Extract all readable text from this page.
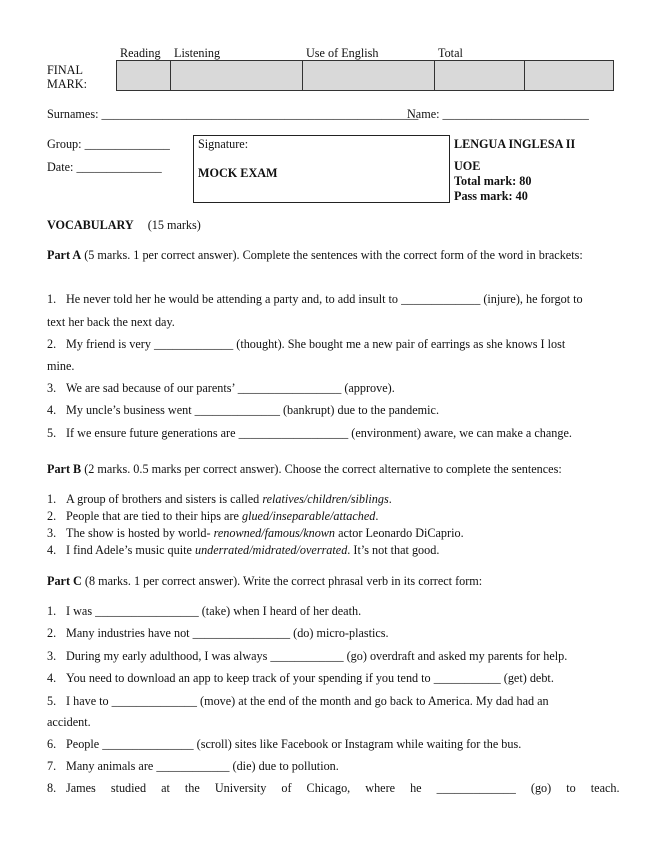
Reading Listening	Use of English	Total
FINAL
MARK:
Surnames: ____________________________________________________
Name: ________________________
Group: ______________
Date: ______________
Signature:
MOCK EXAM
LENGUA INGLESA II
UOE
Total mark: 80
Pass mark: 40
VOCABULARY (15 marks)
Part A (5 marks. 1 per correct answer). Complete the sentences with the correct form of the word in brackets:
1. He never told her he would be attending a party and, to add insult to _____________ (injure), he forgot to
text her back the next day.
2. My friend is very _____________ (thought). She bought me a new pair of earrings as she knows I lost
mine.
3. We are sad because of our parents’ _________________ (approve).
4. My uncle’s business went ______________ (bankrupt) due to the pandemic.
5. If we ensure future generations are __________________ (environment) aware, we can make a change.
Part B (2 marks. 0.5 marks per correct answer). Choose the correct alternative to complete the sentences:
1. A group of brothers and sisters is called relatives/children/siblings.
2. People that are tied to their hips are glued/inseparable/attached.
3. The show is hosted by world- renowned/famous/known actor Leonardo DiCaprio.
4. I find Adele’s music quite underrated/midrated/overrated. It’s not that good.
Part C (8 marks. 1 per correct answer). Write the correct phrasal verb in its correct form:
1. I was _________________ (take) when I heard of her death.
2. Many industries have not ________________ (do) micro-plastics.
3. During my early adulthood, I was always ____________ (go) overdraft and asked my parents for help.
4. You need to download an app to keep track of your spending if you tend to ___________ (get) debt.
5. I have to ______________ (move) at the end of the month and go back to America. My dad had an
accident.
6. People _______________ (scroll) sites like Facebook or Instagram while waiting for the bus.
7. Many animals are ____________ (die) due to pollution.
8. James studied at the University of Chicago, where he _____________ (go) to teach.
